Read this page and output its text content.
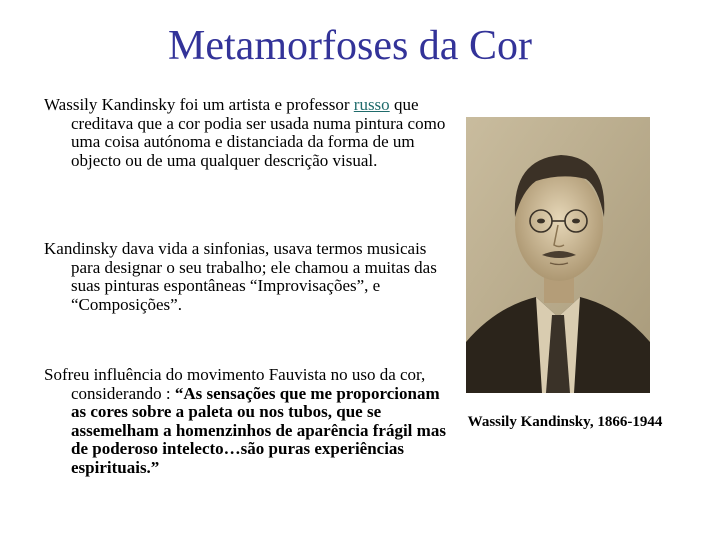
Metamorfoses da Cor

Wassily Kandinsky foi um artista e professor russo que creditava que a cor podia ser usada numa pintura como uma coisa autónoma e distanciada da forma de um objecto ou de uma qualquer descrição visual.

Kandinsky dava vida a sinfonias, usava termos musicais para designar o seu trabalho; ele chamou a muitas das suas pinturas espontâneas “Improvisações”, e “Composições”.

Sofreu influência do movimento Fauvista no uso da cor, considerando : “As sensações que me proporcionam as cores sobre a paleta ou nos tubos, que se assemelham a homenzinhos de aparência frágil mas de poderoso intelecto…são puras experiências espirituais.”

Wassily Kandinsky, 1866-1944
